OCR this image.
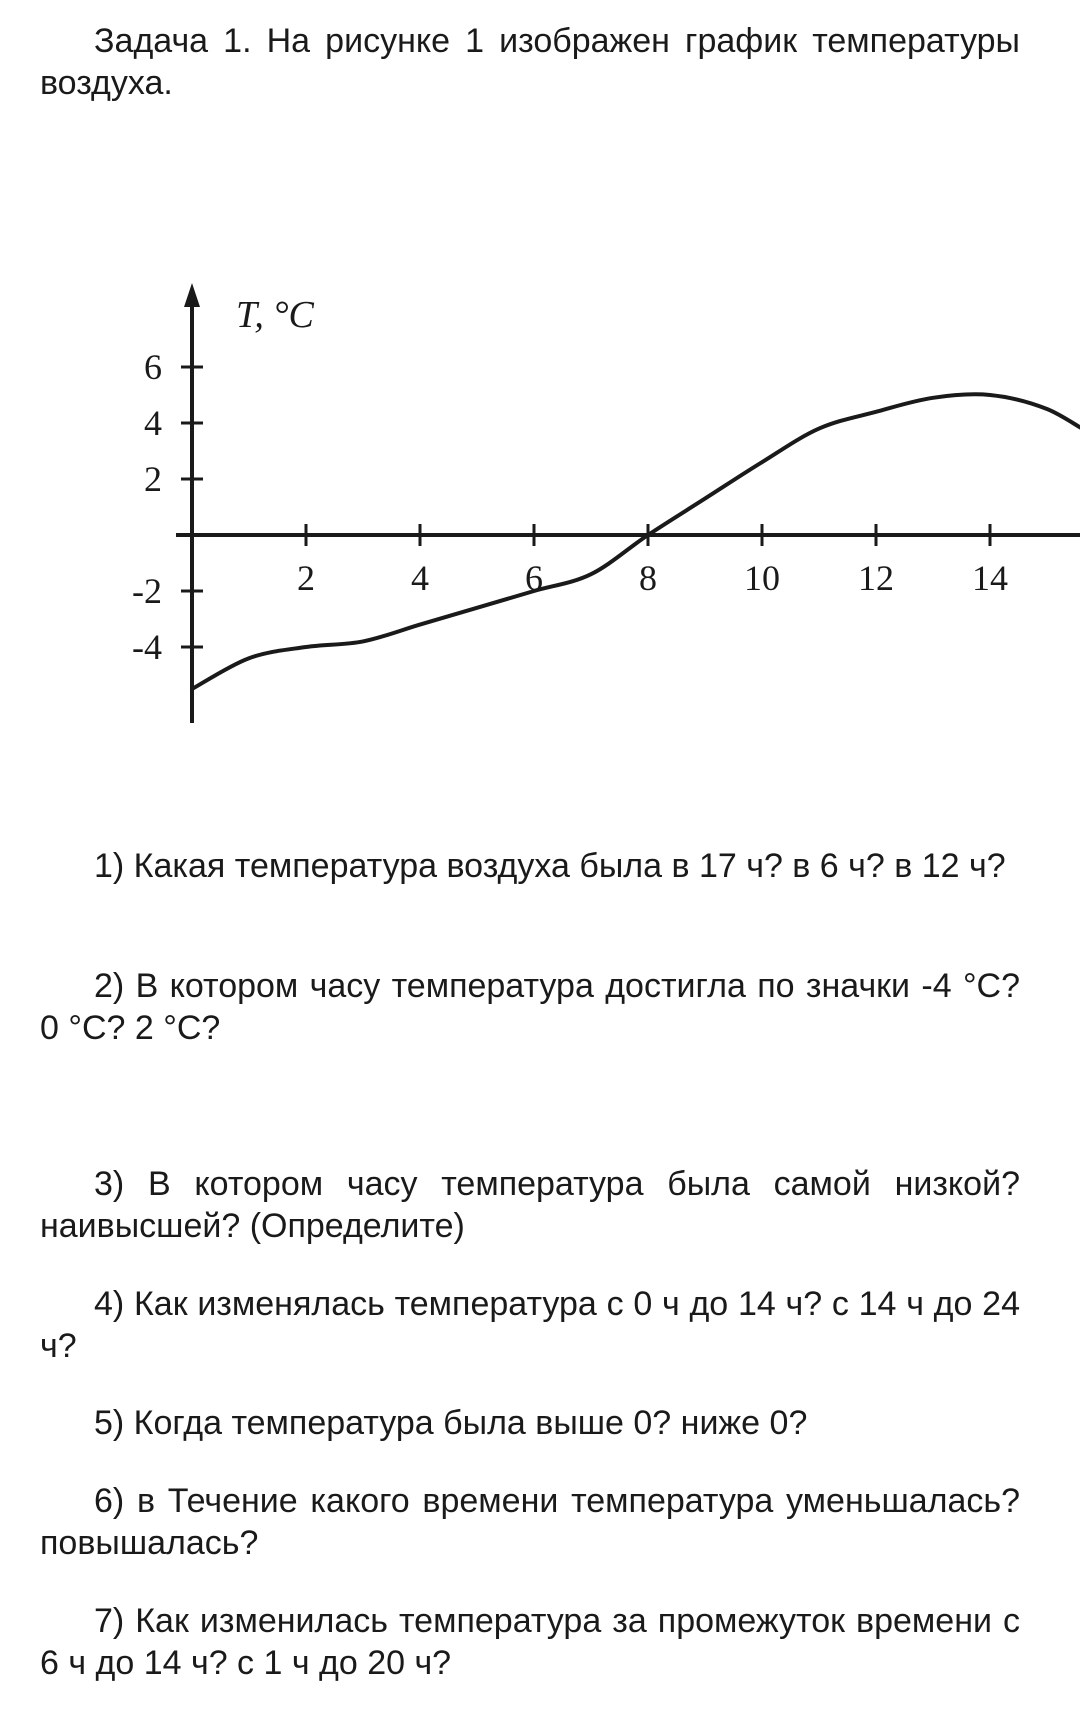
Задача 1. На рисунке 1 изображен график температуры воздуха.

2	4	6	8 10 12 14
6
4
2
-2
-4
T, °C

1) Какая температура воздуха была в 17 ч? в 6 ч? в 12 ч?

2) В котором часу температура достигла по значки -4 °C? 0 °C? 2 °C?

3) В котором часу температура была самой низкой? наивысшей? (Определите)

4) Как изменялась температура с 0 ч до 14 ч? с 14 ч до 24 ч?

5) Когда температура была выше 0? ниже 0?

6) в Течение какого времени температура уменьшалась? повышалась?

7) Как изменилась температура за промежуток времени с 6 ч до 14 ч? с 1 ч до 20 ч?
